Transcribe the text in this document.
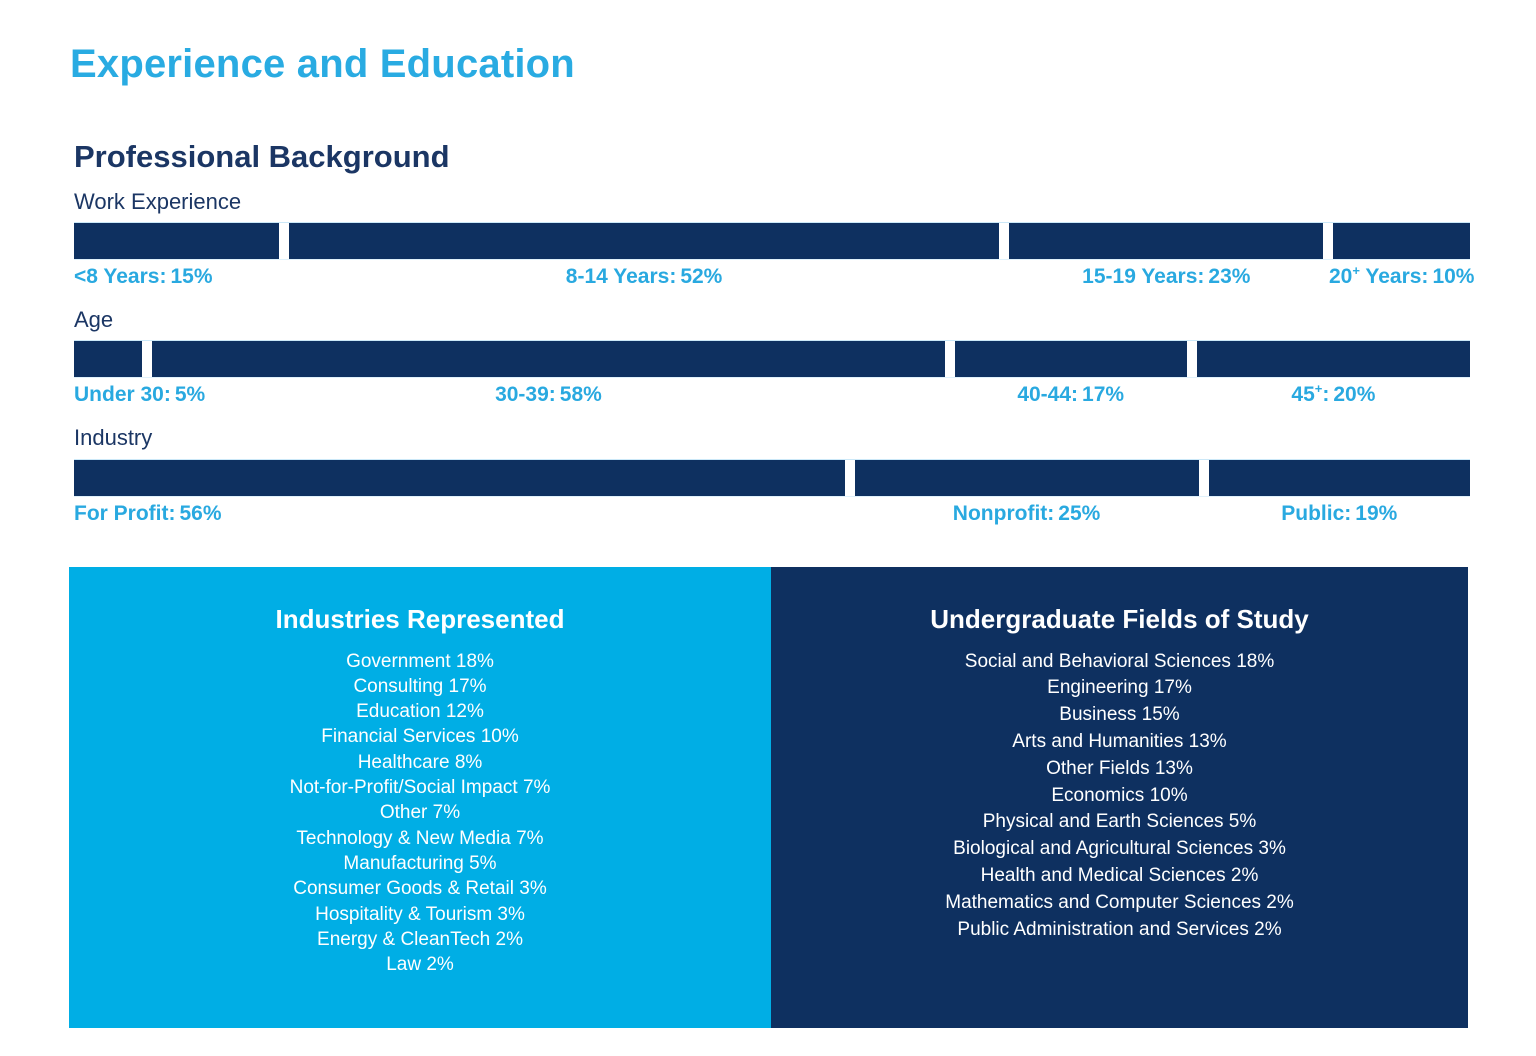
Experience and Education
Professional Background
Work Experience
<8 Years: 15%	8-14 Years: 52%	15-19 Years: 23%	20+ Years: 10%
Age
Under 30: 5%	30-39: 58%	40-44: 17%	45+: 20%
Industry
For Profit: 56%	Nonprofit: 25%	Public: 19%
Industries Represented
Government 18%
Consulting 17%
Education 12%
Financial Services 10%
Healthcare 8%
Not-for-Profit/Social Impact 7%
Other 7%
Technology & New Media 7%
Manufacturing 5%
Consumer Goods & Retail 3%
Hospitality & Tourism 3%
Energy & CleanTech 2%
Law 2%
Undergraduate Fields of Study
Social and Behavioral Sciences 18%
Engineering 17%
Business 15%
Arts and Humanities 13%
Other Fields 13%
Economics 10%
Physical and Earth Sciences 5%
Biological and Agricultural Sciences 3%
Health and Medical Sciences 2%
Mathematics and Computer Sciences 2%
Public Administration and Services 2%
